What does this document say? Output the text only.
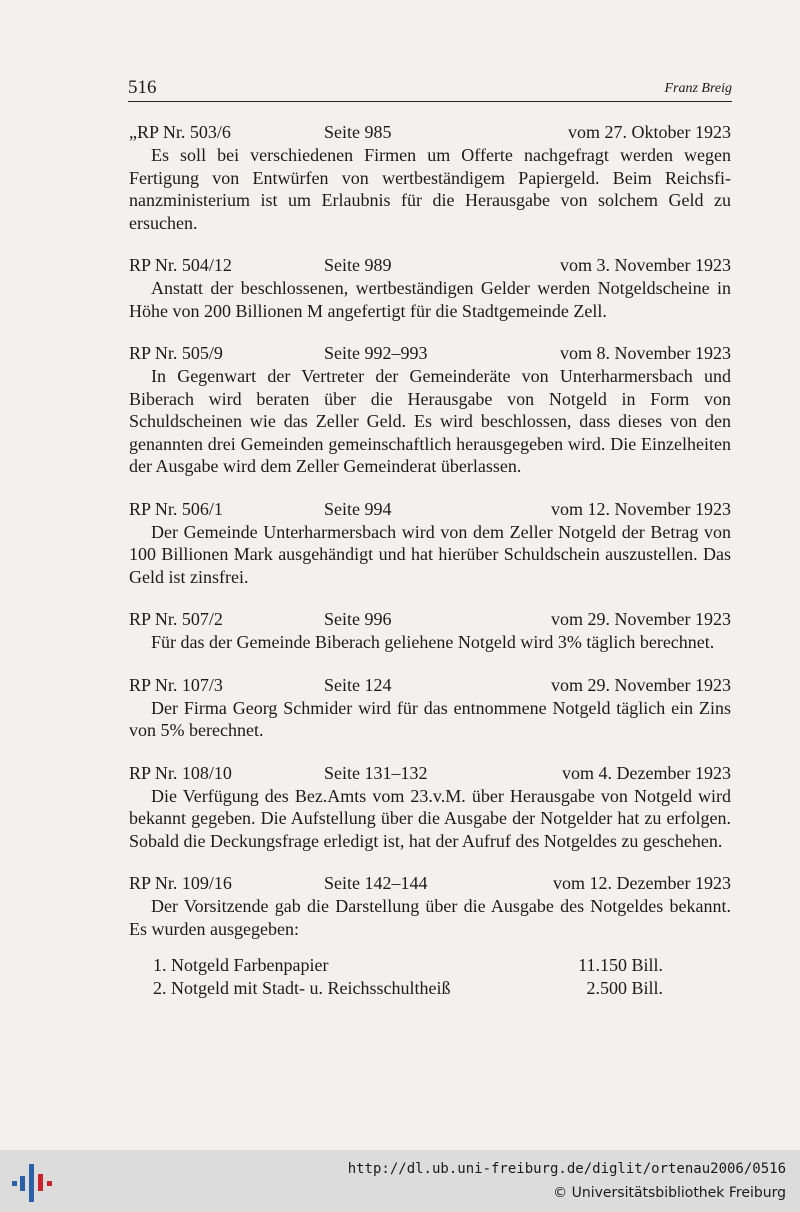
516	Franz Breig
„RP Nr. 503/6	Seite 985	vom 27. Oktober 1923

Es soll bei verschiedenen Firmen um Offerte nachgefragt werden wegen Fertigung von Entwürfen von wertbeständigem Papiergeld. Beim Reichsfinanzministerium ist um Erlaubnis für die Herausgabe von solchem Geld zu ersuchen.

RP Nr. 504/12	Seite 989	vom 3. November 1923

Anstatt der beschlossenen, wertbeständigen Gelder werden Notgeldscheine in Höhe von 200 Billionen M angefertigt für die Stadtgemeinde Zell.

RP Nr. 505/9	Seite 992–993	vom 8. November 1923

In Gegenwart der Vertreter der Gemeinderäte von Unterharmersbach und Biberach wird beraten über die Herausgabe von Notgeld in Form von Schuldscheinen wie das Zeller Geld. Es wird beschlossen, dass dieses von den genannten drei Gemeinden gemeinschaftlich herausgegeben wird. Die Einzelheiten der Ausgabe wird dem Zeller Gemeinderat überlassen.

RP Nr. 506/1	Seite 994	vom 12. November 1923

Der Gemeinde Unterharmersbach wird von dem Zeller Notgeld der Betrag von 100 Billionen Mark ausgehändigt und hat hierüber Schuldschein auszustellen. Das Geld ist zinsfrei.

RP Nr. 507/2	Seite 996	vom 29. November 1923

Für das der Gemeinde Biberach geliehene Notgeld wird 3% täglich berechnet.

RP Nr. 107/3	Seite 124	vom 29. November 1923

Der Firma Georg Schmider wird für das entnommene Notgeld täglich ein Zins von 5% berechnet.

RP Nr. 108/10	Seite 131–132	vom 4. Dezember 1923

Die Verfügung des Bez.Amts vom 23.v.M. über Herausgabe von Notgeld wird bekannt gegeben. Die Aufstellung über die Ausgabe der Notgelder hat zu erfolgen. Sobald die Deckungsfrage erledigt ist, hat der Aufruf des Notgeldes zu geschehen.

RP Nr. 109/16	Seite 142–144	vom 12. Dezember 1923

Der Vorsitzende gab die Darstellung über die Ausgabe des Notgeldes bekannt. Es wurden ausgegeben:

1. Notgeld Farbenpapier	11.150 Bill.
2. Notgeld mit Stadt- u. Reichsschultheiß	2.500 Bill.
http://dl.ub.uni-freiburg.de/diglit/ortenau2006/0516
© Universitätsbibliothek Freiburg
